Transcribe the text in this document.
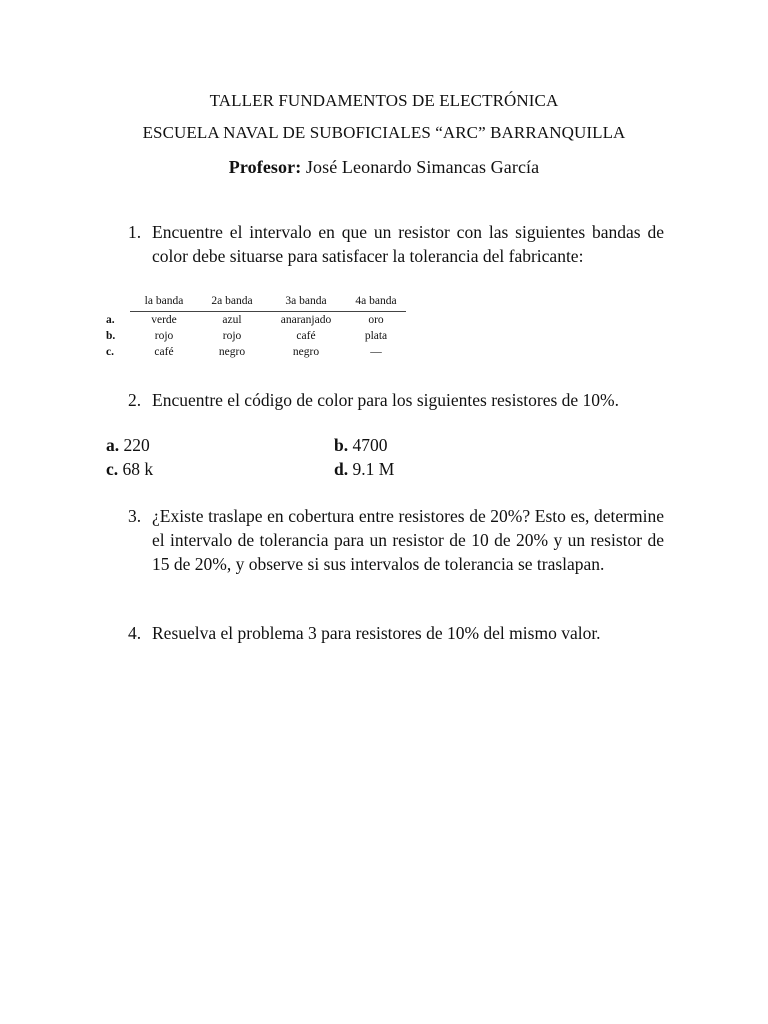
TALLER FUNDAMENTOS DE ELECTRÓNICA
ESCUELA NAVAL DE SUBOFICIALES “ARC” BARRANQUILLA
Profesor: José Leonardo Simancas García
1. Encuentre el intervalo en que un resistor con las siguientes bandas de color debe situarse para satisfacer la tolerancia del fabricante:
	la banda	2a banda	3a banda	4a banda
a.	verde	azul	anaranjado	oro
b.	rojo	rojo	café	plata
c.	café	negro	negro	—
2. Encuentre el código de color para los siguientes resistores de 10%.
a. 220	b. 4700
c. 68 k	d. 9.1 M
3. ¿Existe traslape en cobertura entre resistores de 20%? Esto es, determine el intervalo de tolerancia para un resistor de 10 de 20% y un resistor de 15 de 20%, y observe si sus intervalos de tolerancia se traslapan.
4. Resuelva el problema 3 para resistores de 10% del mismo valor.
